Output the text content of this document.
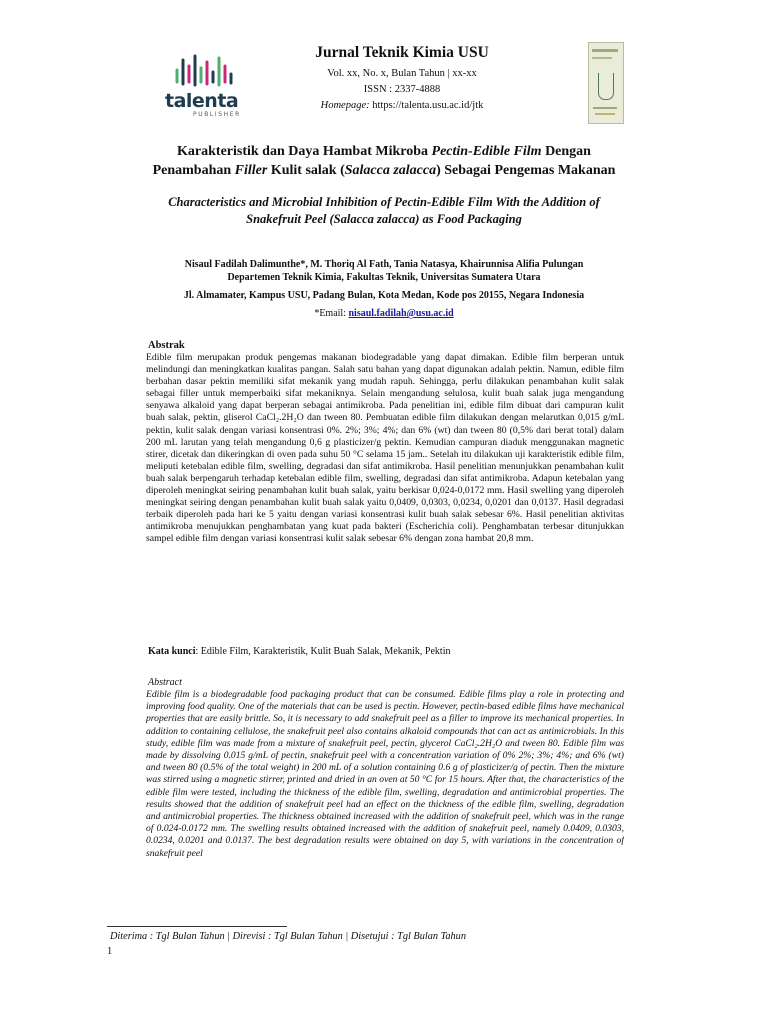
talenta
PUBLISHER
Jurnal Teknik Kimia USU
Vol. xx, No. x, Bulan Tahun | xx-xx
ISSN : 2337-4888
Homepage: https://talenta.usu.ac.id/jtk
Karakteristik dan Daya Hambat Mikroba Pectin-Edible Film Dengan
Penambahan Filler Kulit salak (Salacca zalacca) Sebagai Pengemas Makanan
Characteristics and Microbial Inhibition of Pectin-Edible Film With the Addition of
Snakefruit Peel (Salacca zalacca) as Food Packaging
Nisaul Fadilah Dalimunthe*, M. Thoriq Al Fath, Tania Natasya, Khairunnisa Alifia Pulungan
Departemen Teknik Kimia, Fakultas Teknik, Universitas Sumatera Utara
Jl. Almamater, Kampus USU, Padang Bulan, Kota Medan, Kode pos 20155, Negara Indonesia
*Email: nisaul.fadilah@usu.ac.id
Abstrak
Edible film merupakan produk pengemas makanan biodegradable yang dapat dimakan. Edible film berperan untuk melindungi dan meningkatkan kualitas pangan. Salah satu bahan yang dapat digunakan adalah pektin. Namun, edible film berbahan dasar pektin memiliki sifat mekanik yang mudah rapuh. Sehingga, perlu dilakukan penambahan kulit salak sebagai filler untuk memperbaiki sifat mekaniknya. Selain mengandung selulosa, kulit buah salak juga mengandung senyawa alkaloid yang dapat berperan sebagai antimikroba. Pada penelitian ini, edible film dibuat dari campuran kulit buah salak, pektin, gliserol CaCl₂.2H₂O dan tween 80. Pembuatan edible film dilakukan dengan melarutkan 0,015 g/mL pektin, kulit salak dengan variasi konsentrasi 0%. 2%; 3%; 4%; dan 6% (wt) dan tween 80 (0,5% dari berat total) dalam 200 mL larutan yang telah mengandung 0,6 g plasticizer/g pektin. Kemudian campuran diaduk menggunakan magnetic stirer, dicetak dan dikeringkan di oven pada suhu 50 °C selama 15 jam.. Setelah itu dilakukan uji karakteristik edible film, meliputi ketebalan edible film, swelling, degradasi dan sifat antimikroba. Hasil penelitian menunjukkan penambahan kulit buah salak berpengaruh terhadap ketebalan edible film, swelling, degradasi dan sifat antimikroba. Adapun ketebalan yang diperoleh meningkat seiring penambahan kulit buah salak, yaitu berkisar 0,024-0,0172 mm. Hasil swelling yang diperoleh meningkat seiring dengan penambahan kulit buah salak yaitu 0,0409, 0,0303, 0,0234, 0,0201 dan 0,0137. Hasil degradasi terbaik diperoleh pada hari ke 5 yaitu dengan variasi konsentrasi kulit buah salak sebesar 6%. Hasil penelitian aktivitas antimikroba menujukkan penghambatan yang kuat pada bakteri (Escherichia coli). Penghambatan terbesar ditunjukkan sampel edible film dengan variasi konsentrasi kulit salak sebesar 6% dengan zona hambat 20,8 mm.
Kata kunci: Edible Film, Karakteristik, Kulit Buah Salak, Mekanik, Pektin
Abstract
Edible film is a biodegradable food packaging product that can be consumed. Edible films play a role in protecting and improving food quality. One of the materials that can be used is pectin. However, pectin-based edible films have mechanical properties that are easily brittle. So, it is necessary to add snakefruit peel as a filler to improve its mechanical properties. In addition to containing cellulose, the snakefruit peel also contains alkaloid compounds that can act as antimicrobials. In this study, edible film was made from a mixture of snakefruit peel, pectin, glycerol CaCl₂.2H₂O and tween 80. Edible film was made by dissolving 0.015 g/mL of pectin, snakefruit peel with a concentration variation of 0% 2%; 3%; 4%; and 6% (wt) and tween 80 (0.5% of the total weight) in 200 mL of a solution containing 0.6 g of plasticizer/g of pectin. Then the mixture was stirred using a magnetic stirrer, printed and dried in an oven at 50 °C for 15 hours. After that, the characteristics of the edible film were tested, including the thickness of the edible film, swelling, degradation and antimicrobial properties. The results showed that the addition of snakefruit peel had an effect on the thickness of the edible film, swelling, degradation and antimicrobial properties. The thickness obtained increased with the addition of snakefruit peel, which was in the range of 0.024-0.0172 mm. The swelling results obtained increased with the addition of snakefruit peel, namely 0.0409, 0.0303, 0.0234, 0.0201 and 0.0137. The best degradation results were obtained on day 5, with variations in the concentration of snakefruit peel
Diterima : Tgl Bulan Tahun | Direvisi : Tgl Bulan Tahun | Disetujui : Tgl Bulan Tahun
1
